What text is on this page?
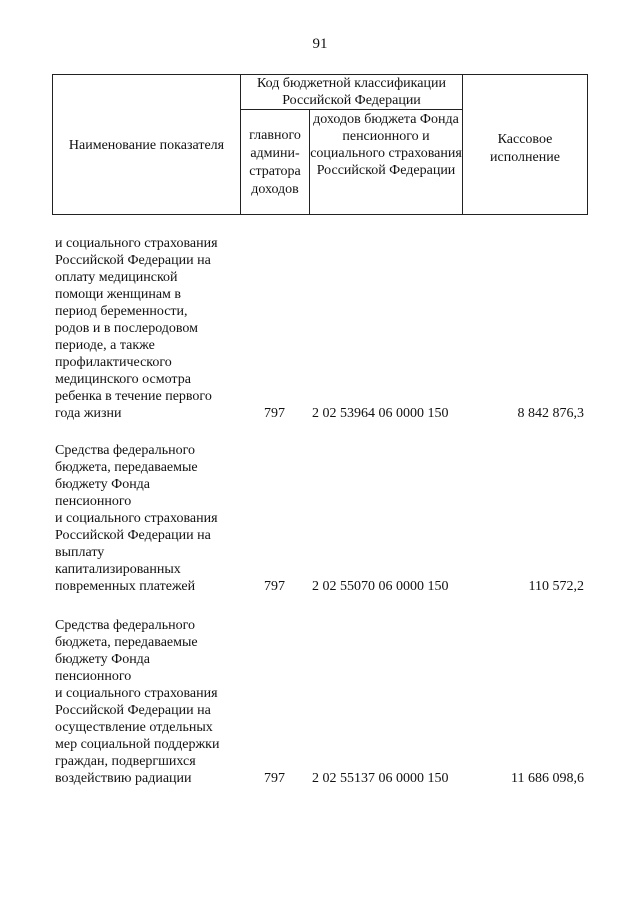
91
Наименование показателя
Код бюджетной классификации Российской Федерации
главного админи-стратора доходов
доходов бюджета Фонда пенсионного и социального страхования Российской Федерации
Кассовое исполнение
и социального страхования
Российской Федерации на
оплату медицинской
помощи женщинам в
период беременности,
родов и в послеродовом
периоде, а также
профилактического
медицинского осмотра
ребенка в течение первого
года жизни	797 2 02 53964 06 0000 150	8 842 876,3
Средства федерального
бюджета, передаваемые
бюджету Фонда
пенсионного
и социального страхования
Российской Федерации на
выплату
капитализированных
повременных платежей	797 2 02 55070 06 0000 150	110 572,2
Средства федерального
бюджета, передаваемые
бюджету Фонда
пенсионного
и социального страхования
Российской Федерации на
осуществление отдельных
мер социальной поддержки
граждан, подвергшихся
воздействию радиации	797 2 02 55137 06 0000 150	11 686 098,6
